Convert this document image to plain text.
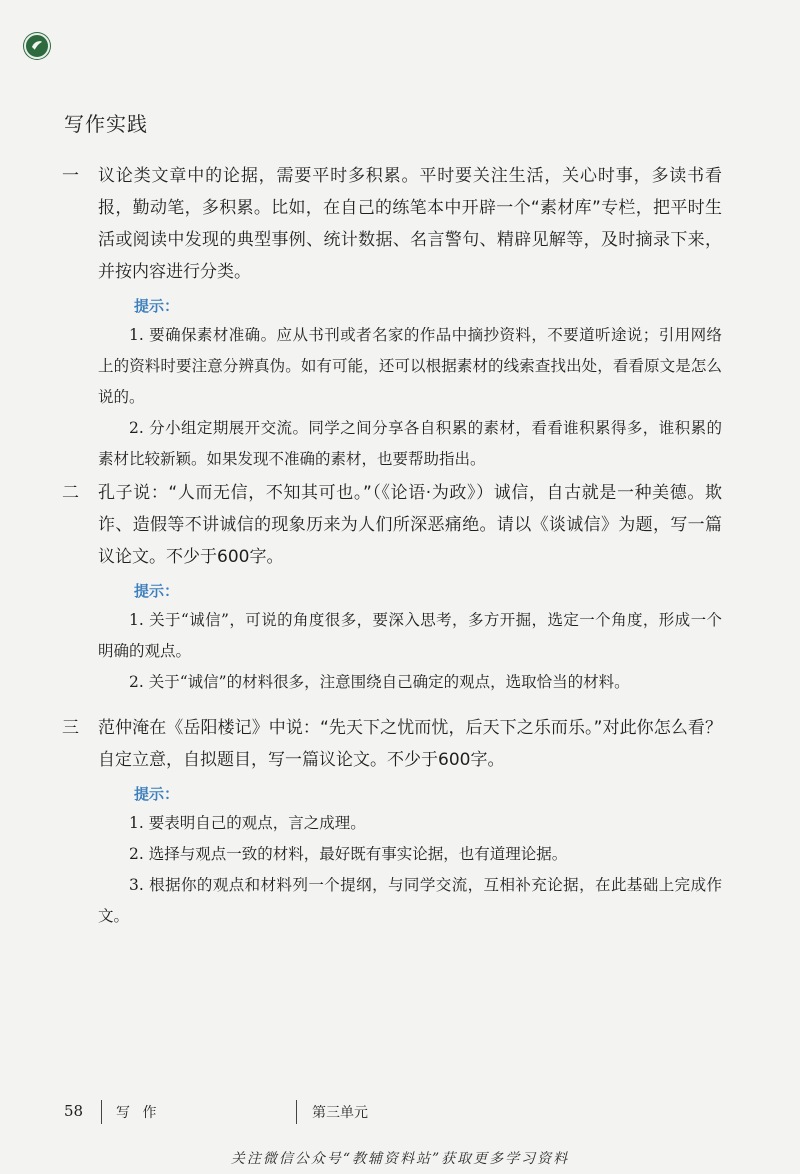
写作实践
一	议论类文章中的论据，需要平时多积累。平时要关注生活，关心时事，多读书看报，勤动笔，多积累。比如，在自己的练笔本中开辟一个“素材库”专栏，把平时生活或阅读中发现的典型事例、统计数据、名言警句、精辟见解等，及时摘录下来，并按内容进行分类。
提示：
1. 要确保素材准确。应从书刊或者名家的作品中摘抄资料，不要道听途说；引用网络上的资料时要注意分辨真伪。如有可能，还可以根据素材的线索查找出处，看看原文是怎么说的。
2. 分小组定期展开交流。同学之间分享各自积累的素材，看看谁积累得多，谁积累的素材比较新颖。如果发现不准确的素材，也要帮助指出。
二	孔子说：“人而无信，不知其可也。”（《论语·为政》）诚信，自古就是一种美德。欺诈、造假等不讲诚信的现象历来为人们所深恶痛绝。请以《谈诚信》为题，写一篇议论文。不少于600字。
提示：
1. 关于“诚信”，可说的角度很多，要深入思考，多方开掘，选定一个角度，形成一个明确的观点。
2. 关于“诚信”的材料很多，注意围绕自己确定的观点，选取恰当的材料。
三	范仲淹在《岳阳楼记》中说：“先天下之忧而忧，后天下之乐而乐。”对此你怎么看？自定立意，自拟题目，写一篇议论文。不少于600字。
提示：
1. 要表明自己的观点，言之成理。
2. 选择与观点一致的材料，最好既有事实论据，也有道理论据。
3. 根据你的观点和材料列一个提纲，与同学交流，互相补充论据，在此基础上完成作文。
58 写 作	第三单元
关注微信公众号“教辅资料站”获取更多学习资料
